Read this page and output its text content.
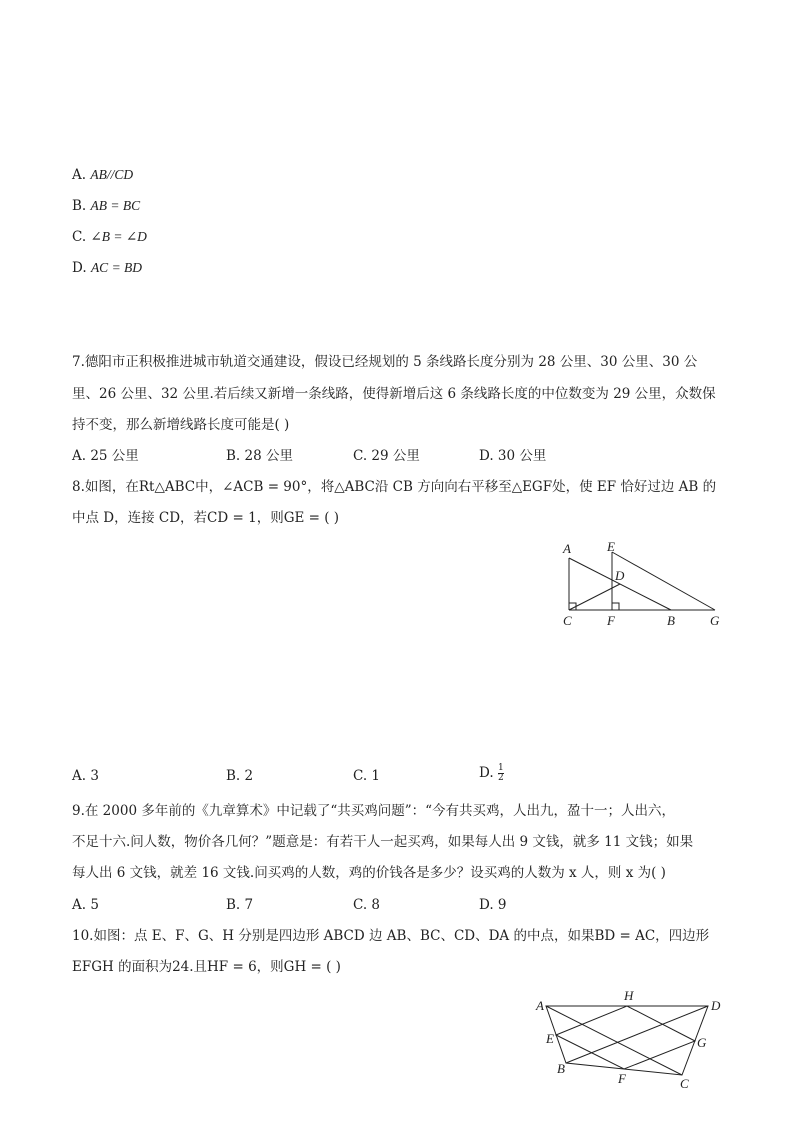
A. AB//CD
B. AB = BC
C. ∠B = ∠D
D. AC = BD
7.德阳市正积极推进城市轨道交通建设，假设已经规划的 5 条线路长度分别为 28 公里、30 公里、30 公
里、26 公里、32 公里.若后续又新增一条线路，使得新增后这 6 条线路长度的中位数变为 29 公里，众数保
持不变，那么新增线路长度可能是( )
A. 25 公里	B. 28 公里	C. 29 公里	D. 30 公里
8.如图，在Rt△ABC中，∠ACB = 90°，将△ABC沿 CB 方向向右平移至△EGF处，使 EF 恰好过边 AB 的
中点 D，连接 CD，若CD = 1，则GE = ( )
A	E
D
C	F	B	G
A. 3	B. 2	C. 1	D. $\frac{1}{2}$
9.在 2000 多年前的《九章算术》中记载了“共买鸡问题”：“今有共买鸡，人出九，盈十一；人出六，
不足十六.问人数，物价各几何？”题意是：有若干人一起买鸡，如果每人出 9 文钱，就多 11 文钱；如果
每人出 6 文钱，就差 16 文钱.问买鸡的人数，鸡的价钱各是多少？设买鸡的人数为 x 人，则 x 为( )
A. 5	B. 7	C. 8	D. 9
10.如图：点 E、F、G、H 分别是四边形 ABCD 边 AB、BC、CD、DA 的中点，如果BD = AC，四边形
EFGH 的面积为24.且HF = 6，则GH = ( )
A
H
D
E	G
B
F	C
